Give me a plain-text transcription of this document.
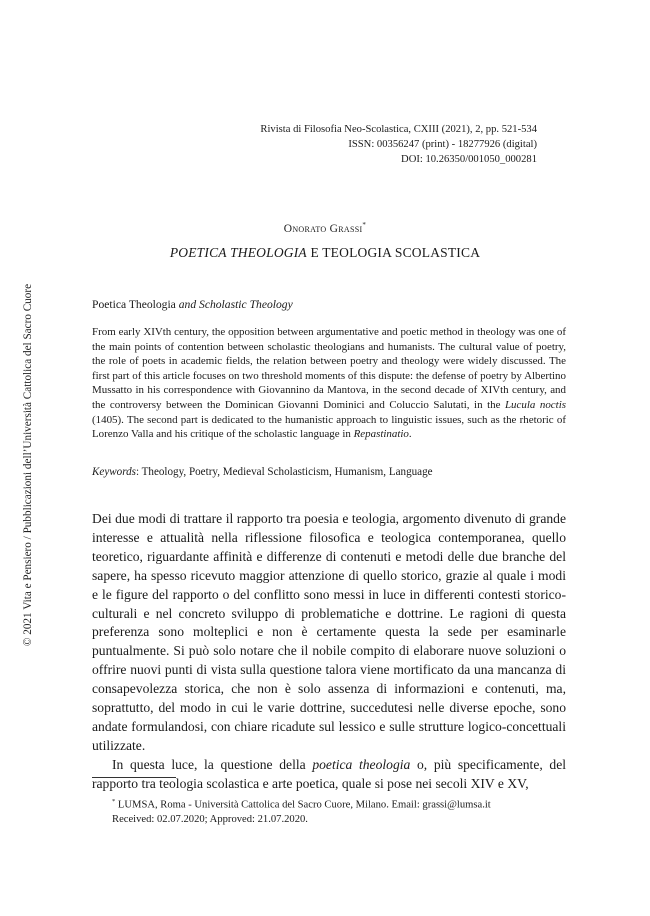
© 2021 Vita e Pensiero / Pubblicazioni dell’Università Cattolica del Sacro Cuore
Rivista di Filosofia Neo-Scolastica, CXIII (2021), 2, pp. 521-534
ISSN: 00356247 (print) - 18277926 (digital)
DOI: 10.26350/001050_000281
Onorato Grassi*
POETICA THEOLOGIA E TEOLOGIA SCOLASTICA
Poetica Theologia and Scholastic Theology

From early XIVth century, the opposition between argumentative and poetic method in theology was one of the main points of contention between scholastic theologians and humanists. The cultural value of poetry, the role of poets in academic fields, the relation between poetry and theology were widely discussed. The first part of this article focuses on two threshold moments of this dispute: the defense of poetry by Albertino Mussatto in his correspondence with Giovannino da Mantova, in the second decade of XIVth century, and the controversy between the Dominican Giovanni Dominici and Coluccio Salutati, in the Lucula noctis (1405). The second part is dedicated to the humanistic approach to linguistic issues, such as the rhetoric of Lorenzo Valla and his critique of the scholastic language in Repastinatio.

Keywords: Theology, Poetry, Medieval Scholasticism, Humanism, Language

Dei due modi di trattare il rapporto tra poesia e teologia, argomento divenuto di grande interesse e attualità nella riflessione filosofica e teologica contemporanea, quello teoretico, riguardante affinità e differenze di contenuti e metodi delle due branche del sapere, ha spesso ricevuto maggior attenzione di quello storico, grazie al quale i modi e le figure del rapporto o del conflitto sono messi in luce in differenti contesti storico-culturali e nel concreto sviluppo di problematiche e dottrine. Le ragioni di questa preferenza sono molteplici e non è certamente questa la sede per esaminarle puntualmente. Si può solo notare che il nobile compito di elaborare nuove soluzioni o offrire nuovi punti di vista sulla questione talora viene mortificato da una mancanza di consapevolezza storica, che non è solo assenza di informazioni e contenuti, ma, soprattutto, del modo in cui le varie dottrine, succedutesi nelle diverse epoche, sono andate formulandosi, con chiare ricadute sul lessico e sulle strutture logico-concettuali utilizzate.

In questa luce, la questione della poetica theologia o, più specificamente, del rapporto tra teologia scolastica e arte poetica, quale si pose nei secoli XIV e XV,

* LUMSA, Roma - Università Cattolica del Sacro Cuore, Milano. Email: grassi@lumsa.it
Received: 02.07.2020; Approved: 21.07.2020.
